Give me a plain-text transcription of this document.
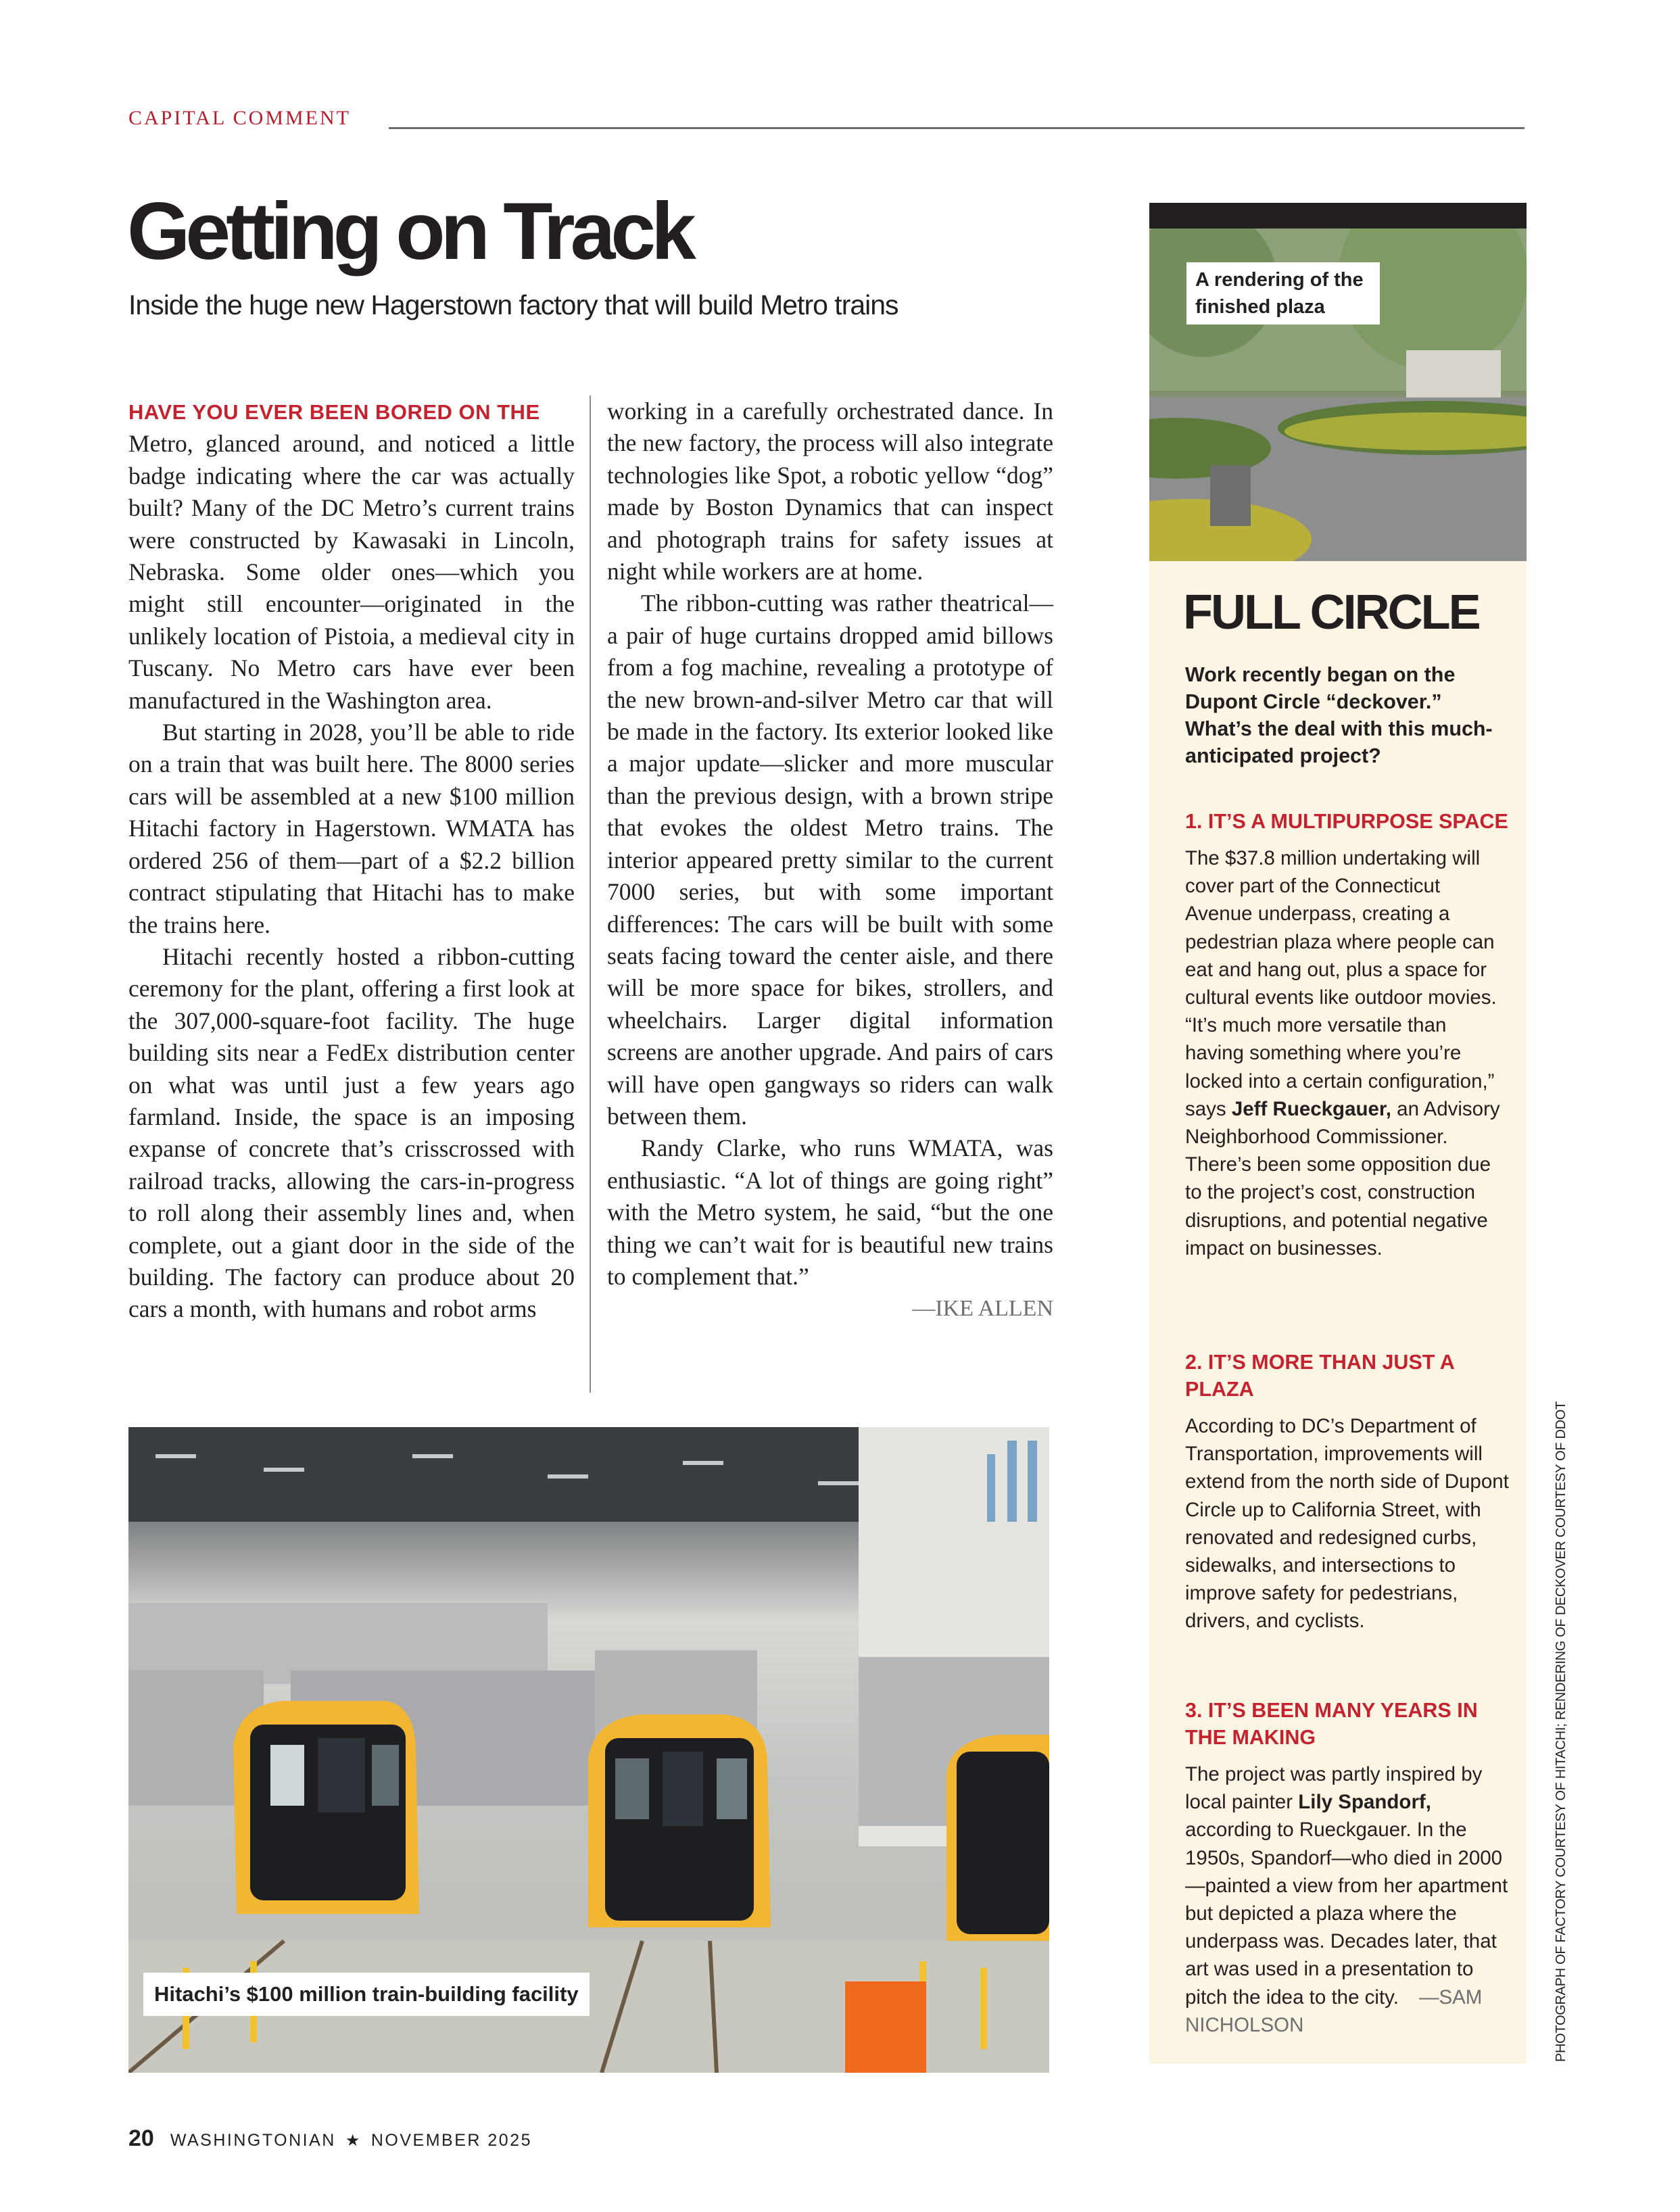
CAPITAL COMMENT
Getting on Track
Inside the huge new Hagerstown factory that will build Metro trains

HAVE YOU EVER BEEN BORED ON THE
Metro, glanced around, and noticed a little badge indicating where the car was actually built? Many of the DC Metro’s current trains were constructed by Kawasaki in Lincoln, Nebraska. Some older ones—which you might still encounter—originated in the unlikely location of Pistoia, a medieval city in Tuscany. No Metro cars have ever been manufactured in the Washington area.

But starting in 2028, you’ll be able to ride on a train that was built here. The 8000 series cars will be assembled at a new $100 million Hitachi factory in Hagerstown. WMATA has ordered 256 of them—part of a $2.2 billion contract stipulating that Hitachi has to make the trains here.

Hitachi recently hosted a ribbon-cutting ceremony for the plant, offering a first look at the 307,000-square-foot facility. The huge building sits near a FedEx distribution center on what was until just a few years ago farmland. Inside, the space is an imposing expanse of concrete that’s crisscrossed with railroad tracks, allowing the cars-in-progress to roll along their assembly lines and, when complete, out a giant door in the side of the building. The factory can produce about 20 cars a month, with humans and robot arms

working in a carefully orchestrated dance. In the new factory, the process will also integrate technologies like Spot, a robotic yellow “dog” made by Boston Dynamics that can inspect and photograph trains for safety issues at night while workers are at home.

The ribbon-cutting was rather theatrical—a pair of huge curtains dropped amid billows from a fog machine, revealing a prototype of the new brown-and-silver Metro car that will be made in the factory. Its exterior looked like a major update—slicker and more muscular than the previous design, with a brown stripe that evokes the oldest Metro trains. The interior appeared pretty similar to the current 7000 series, but with some important differences: The cars will be built with some seats facing toward the center aisle, and there will be more space for bikes, strollers, and wheelchairs. Larger digital information screens are another upgrade. And pairs of cars will have open gangways so riders can walk between them.

Randy Clarke, who runs WMATA, was enthusiastic. “A lot of things are going right” with the Metro system, he said, “but the one thing we can’t wait for is beautiful new trains to complement that.”

—IKE ALLEN

Hitachi’s $100 million train-building facility
A rendering of the finished plaza
FULL CIRCLE
Work recently began on the Dupont Circle “deckover.” What’s the deal with this much-anticipated project?
1. IT’S A MULTIPURPOSE SPACE

The $37.8 million undertaking will cover part of the Connecticut Avenue underpass, creating a pedestrian plaza where people can eat and hang out, plus a space for cultural events like outdoor movies. “It’s much more versatile than having something where you’re locked into a certain configuration,” says Jeff Rueckgauer, an Advisory Neighborhood Commissioner. There’s been some opposition due to the project’s cost, construction disruptions, and potential negative impact on businesses.

2. IT’S MORE THAN JUST A PLAZA

According to DC’s Department of Transportation, improvements will extend from the north side of Dupont Circle up to California Street, with renovated and redesigned curbs, sidewalks, and intersections to improve safety for pedestrians, drivers, and cyclists.

3. IT’S BEEN MANY YEARS IN THE MAKING

The project was partly inspired by local painter Lily Spandorf, according to Rueckgauer. In the 1950s, Spandorf—who died in 2000—painted a view from her apartment but depicted a plaza where the underpass was. Decades later, that art was used in a presentation to pitch the idea to the city. —SAM NICHOLSON	PHOTOGRAPH OF FACTORY COURTESY OF HITACHI; RENDERING OF DECKOVER COURTESY OF DDOT
20 WASHINGTONIAN ★ NOVEMBER 2025
